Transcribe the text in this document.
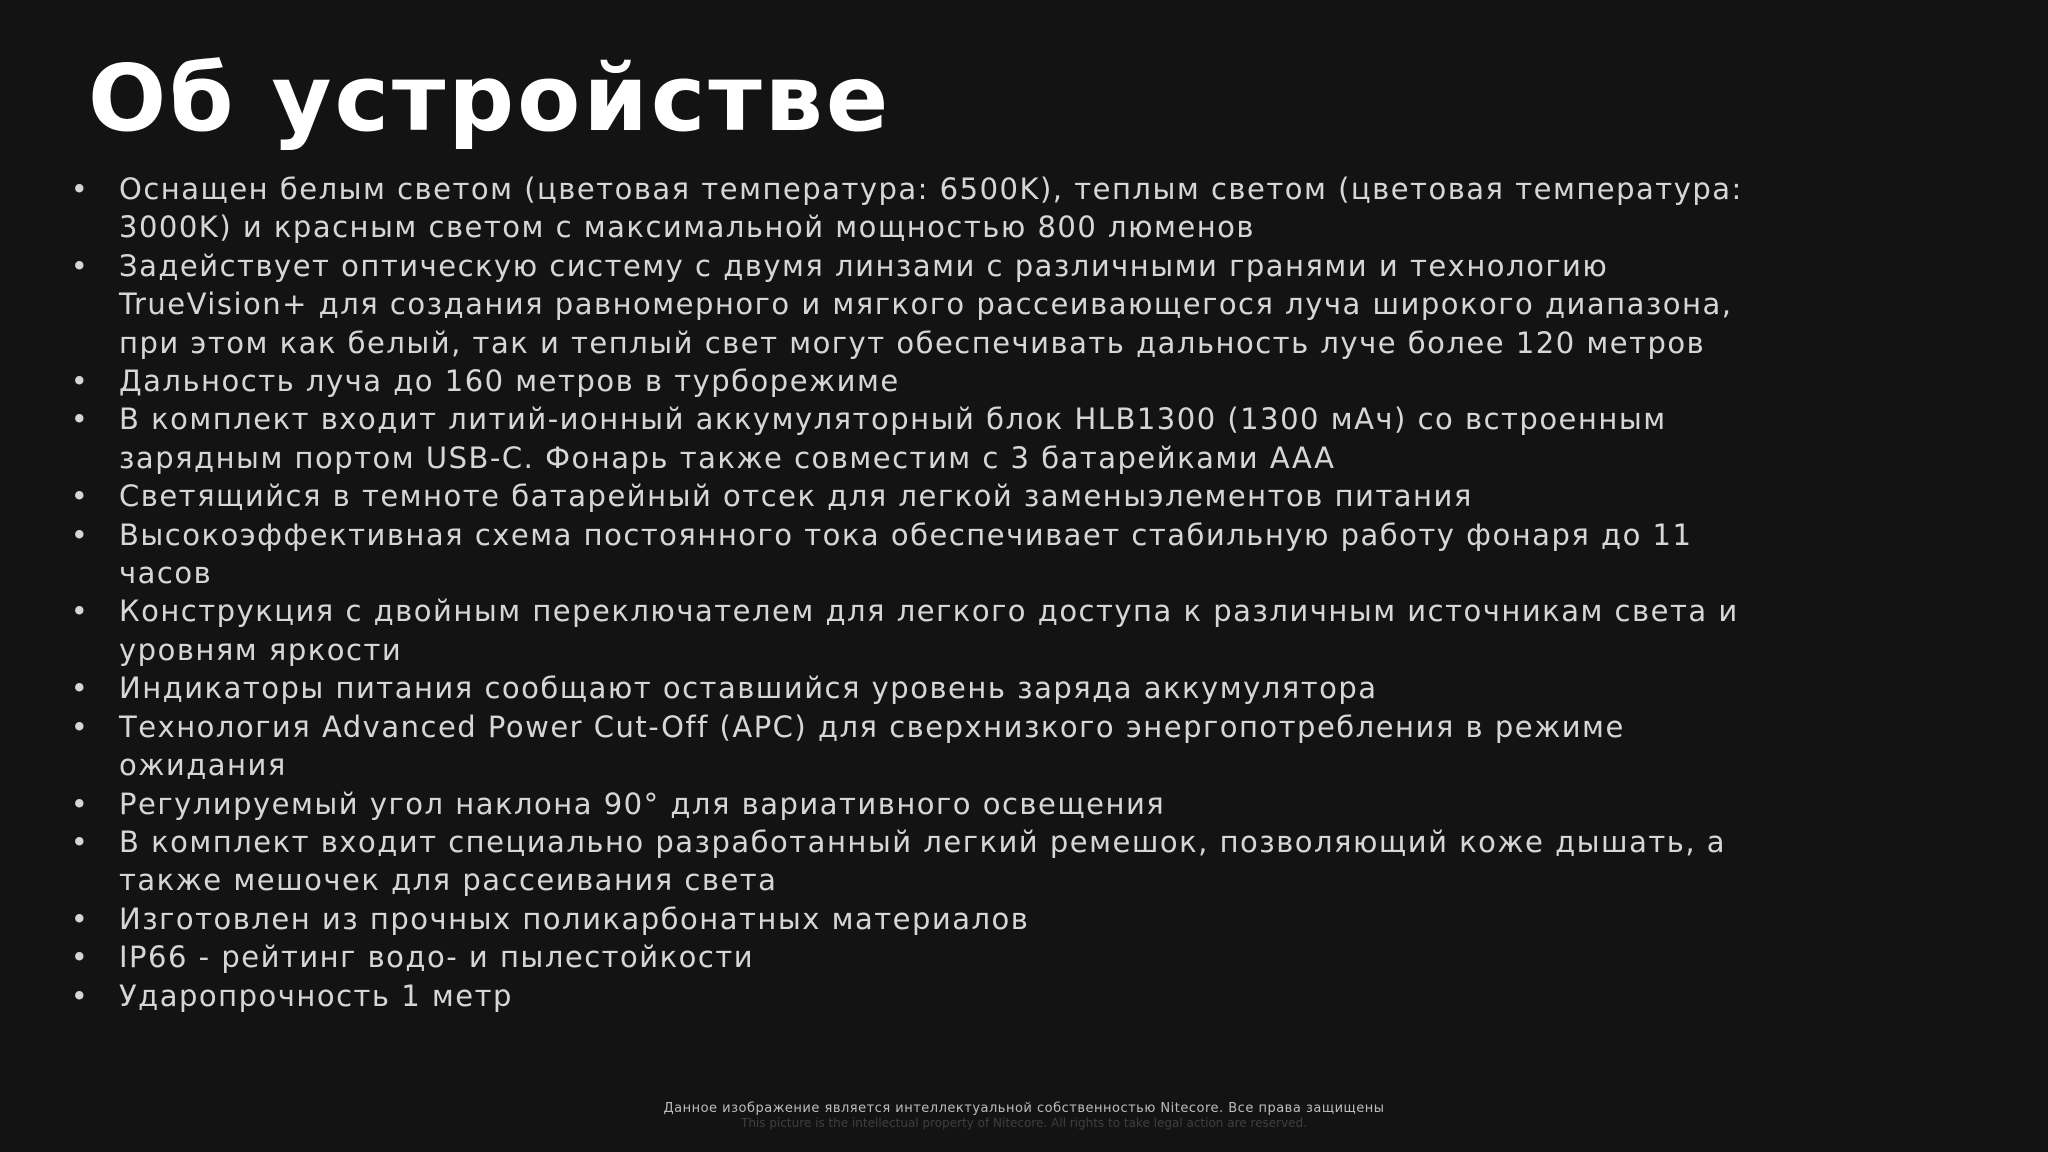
Об устройстве
• Оснащен белым светом (цветовая температура: 6500K), теплым светом (цветовая температура: 3000K) и красным светом с максимальной мощностью 800 люменов
• Задействует оптическую систему с двумя линзами с различными гранями и технологию TrueVision+ для создания равномерного и мягкого рассеивающегося луча широкого диапазона, при этом как белый, так и теплый свет могут обеспечивать дальность луче более 120 метров
• Дальность луча до 160 метров в турборежиме
• В комплект входит литий-ионный аккумуляторный блок HLB1300 (1300 мАч) со встроенным зарядным портом USB-C. Фонарь также совместим с 3 батарейками AAA
• Светящийся в темноте батарейный отсек для легкой заменыэлементов питания
• Высокоэффективная схема постоянного тока обеспечивает стабильную работу фонаря до 11 часов
• Конструкция с двойным переключателем для легкого доступа к различным источникам света и уровням яркости
• Индикаторы питания сообщают оставшийся уровень заряда аккумулятора
• Технология Advanced Power Cut-Off (APC) для сверхнизкого энергопотребления в режиме ожидания
• Регулируемый угол наклона 90° для вариативного освещения
• В комплект входит специально разработанный легкий ремешок, позволяющий коже дышать, а также мешочек для рассеивания света
• Изготовлен из прочных поликарбонатных материалов
• IP66 - рейтинг водо- и пылестойкости
• Ударопрочность 1 метр
Данное изображение является интеллектуальной собственностью Nitecore. Все права защищены
This picture is the intellectual property of Nitecore. All rights to take legal action are reserved.
